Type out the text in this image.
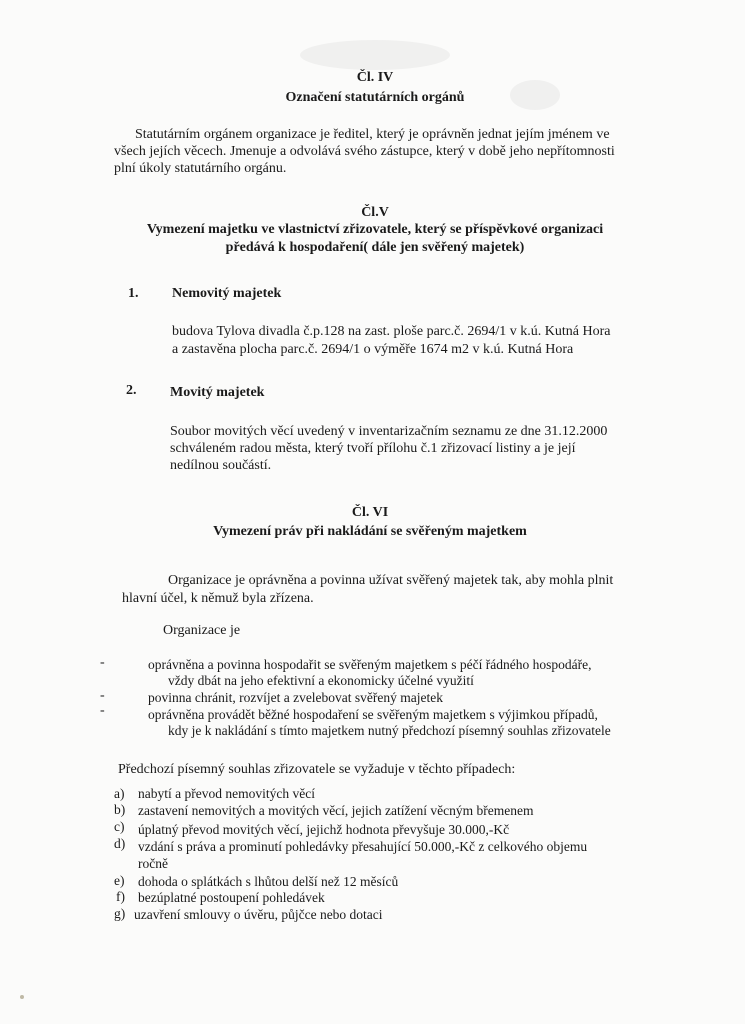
Čl. IV
Označení statutárních orgánů
Statutárním orgánem organizace je ředitel, který je oprávněn jednat jejím jménem ve
všech jejích věcech. Jmenuje a odvolává svého zástupce, který v době jeho nepřítomnosti
plní úkoly statutárního orgánu.
Čl.V
Vymezení majetku ve vlastnictví zřizovatele, který se příspěvkové organizaci
předává k hospodaření( dále jen svěřený majetek)
1. Nemovitý majetek
budova Tylova divadla č.p.128 na zast. ploše parc.č. 2694/1 v k.ú. Kutná Hora
a zastavěna plocha parc.č. 2694/1 o výměře 1674 m2 v k.ú. Kutná Hora
2. Movitý majetek
Soubor movitých věcí uvedený v inventarizačním seznamu ze dne 31.12.2000
schváleném radou města, který tvoří přílohu č.1 zřizovací listiny a je její
nedílnou součástí.
Čl. VI
Vymezení práv při nakládání se svěřeným majetkem
Organizace je oprávněna a povinna užívat svěřený majetek tak, aby mohla plnit
hlavní účel, k němuž byla zřízena.
Organizace je
-	oprávněna a povinna hospodařit se svěřeným majetkem s péčí řádného hospodáře,
vždy dbát na jeho efektivní a ekonomicky účelné využití
-	povinna chránit, rozvíjet a zvelebovat svěřený majetek
-	oprávněna provádět běžné hospodaření se svěřeným majetkem s výjimkou případů,
kdy je k nakládání s tímto majetkem nutný předchozí písemný souhlas zřizovatele
Předchozí písemný souhlas zřizovatele se vyžaduje v těchto případech:
a) nabytí a převod nemovitých věcí
b) zastavení nemovitých a movitých věcí, jejich zatížení věcným břemenem
c) úplatný převod movitých věcí, jejichž hodnota převyšuje 30.000,-Kč
d) vzdání s práva a prominutí pohledávky přesahující 50.000,-Kč z celkového objemu
ročně
e) dohoda o splátkách s lhůtou delší než 12 měsíců
f) bezúplatné postoupení pohledávek
g) uzavření smlouvy o úvěru, půjčce nebo dotaci
